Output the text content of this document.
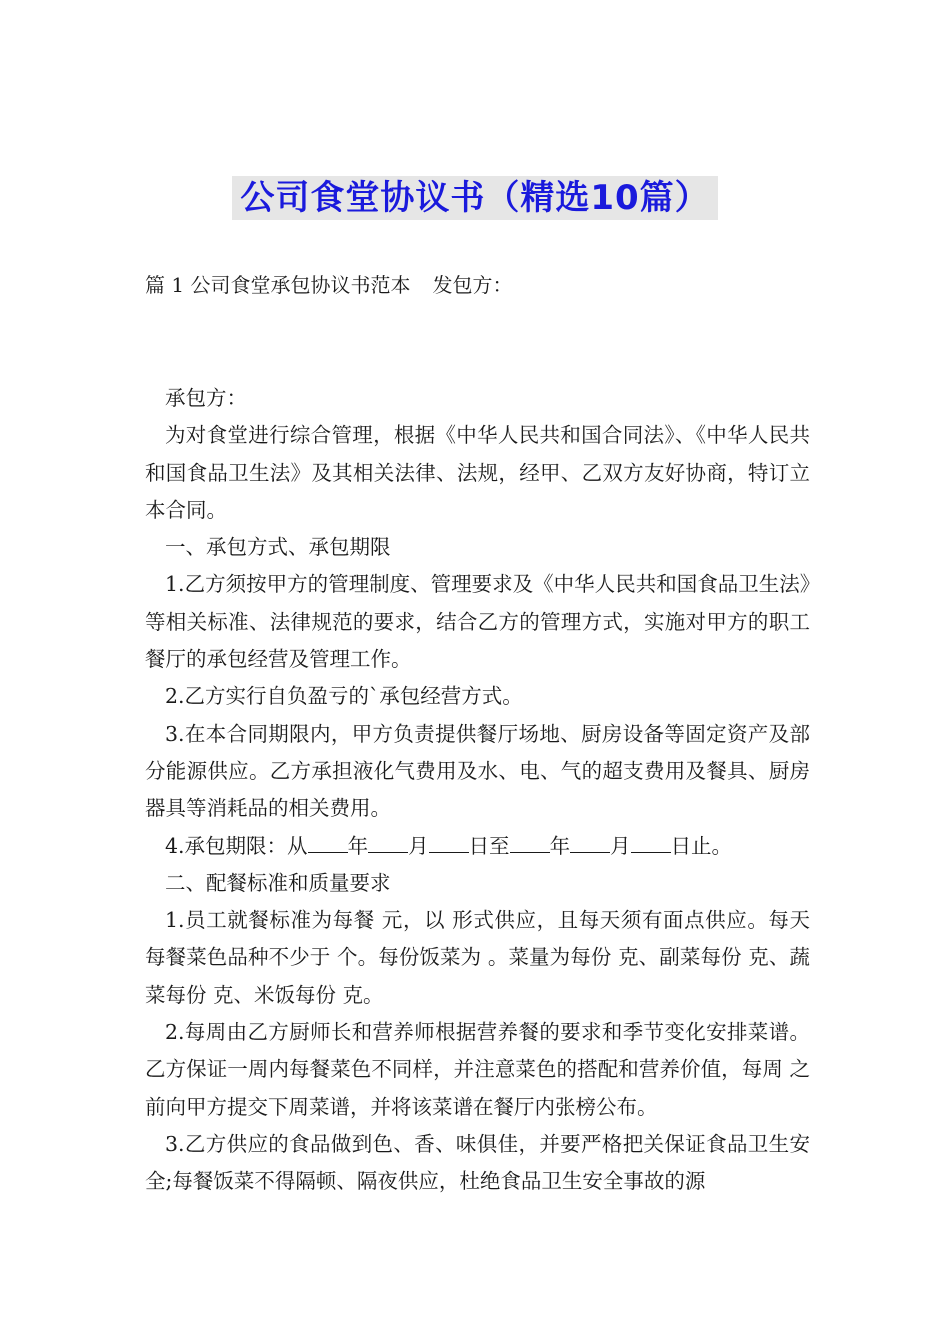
公司食堂协议书（精选10篇）
篇 1 公司食堂承包协议书范本 发包方：

承包方：

为对食堂进行综合管理，根据《中华人民共和国合同法》、《中华人民共和国食品卫生法》及其相关法律、法规，经甲、乙双方友好协商，特订立本合同。

一、承包方式、承包期限

1.乙方须按甲方的管理制度、管理要求及《中华人民共和国食品卫生法》等相关标准、法律规范的要求，结合乙方的管理方式，实施对甲方的职工餐厅的承包经营及管理工作。

2.乙方实行自负盈亏的`承包经营方式。

3.在本合同期限内，甲方负责提供餐厅场地、厨房设备等固定资产及部分能源供应。乙方承担液化气费用及水、电、气的超支费用及餐具、厨房器具等消耗品的相关费用。

4.承包期限：从 年 月 日至 年 月 日止。

二、配餐标准和质量要求

1.员工就餐标准为每餐 元，以 形式供应，且每天须有面点供应。每天每餐菜色品种不少于 个。每份饭菜为 。菜量为每份 克、副菜每份 克、蔬菜每份 克、米饭每份 克。

2.每周由乙方厨师长和营养师根据营养餐的要求和季节变化安排菜谱。乙方保证一周内每餐菜色不同样，并注意菜色的搭配和营养价值，每周 之前向甲方提交下周菜谱，并将该菜谱在餐厅内张榜公布。

3.乙方供应的食品做到色、香、味俱佳，并要严格把关保证食品卫生安全;每餐饭菜不得隔顿、隔夜供应，杜绝食品卫生安全事故的源
